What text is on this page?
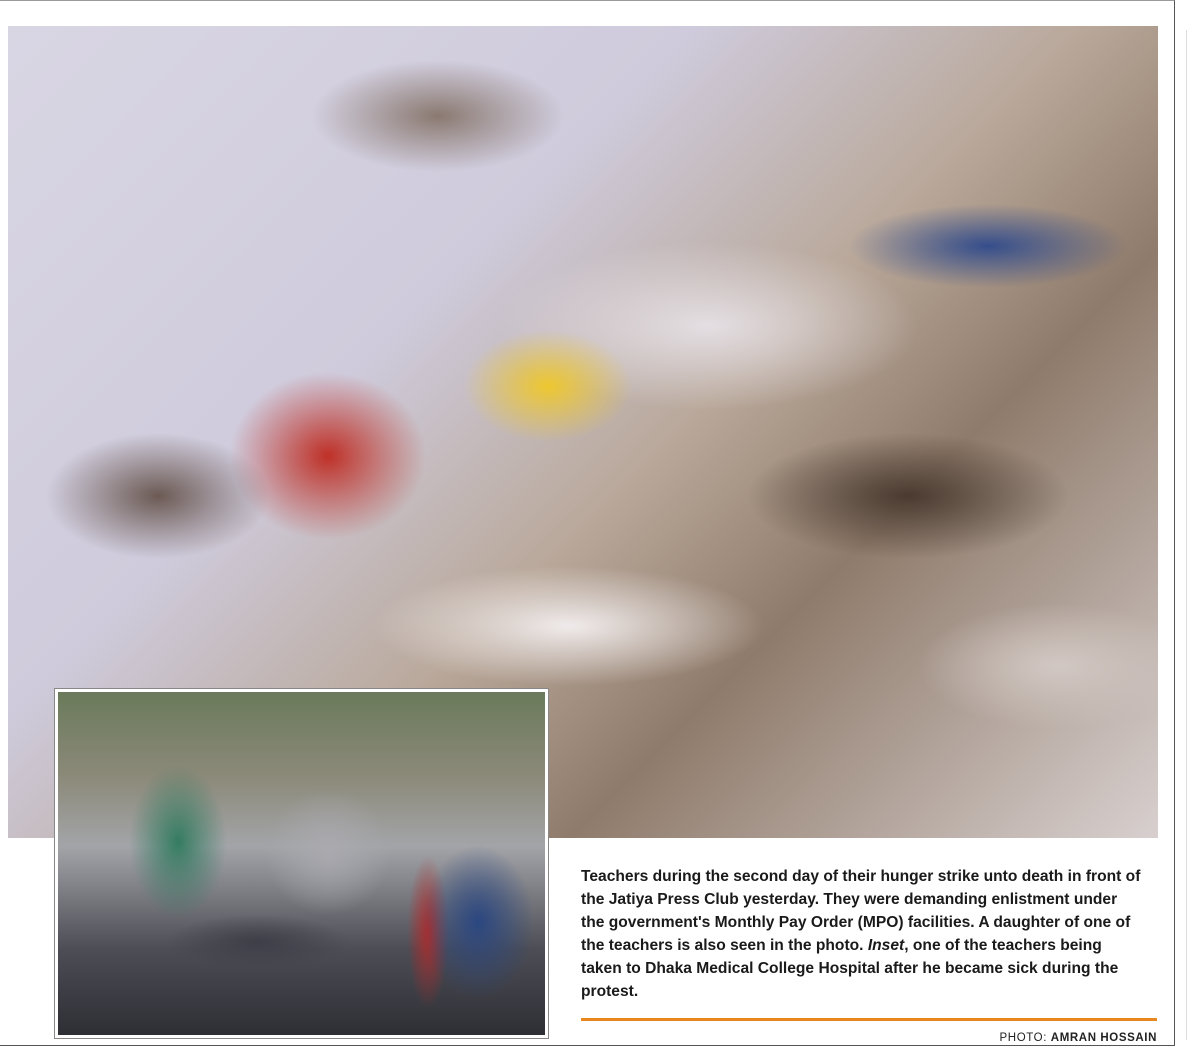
Teachers during the second day of their hunger strike unto death in front of the Jatiya Press Club yesterday. They were demanding enlistment under the government's Monthly Pay Order (MPO) facilities. A daughter of one of the teachers is also seen in the photo. Inset, one of the teachers being taken to Dhaka Medical College Hospital after he became sick during the protest.

PHOTO: AMRAN HOSSAIN
